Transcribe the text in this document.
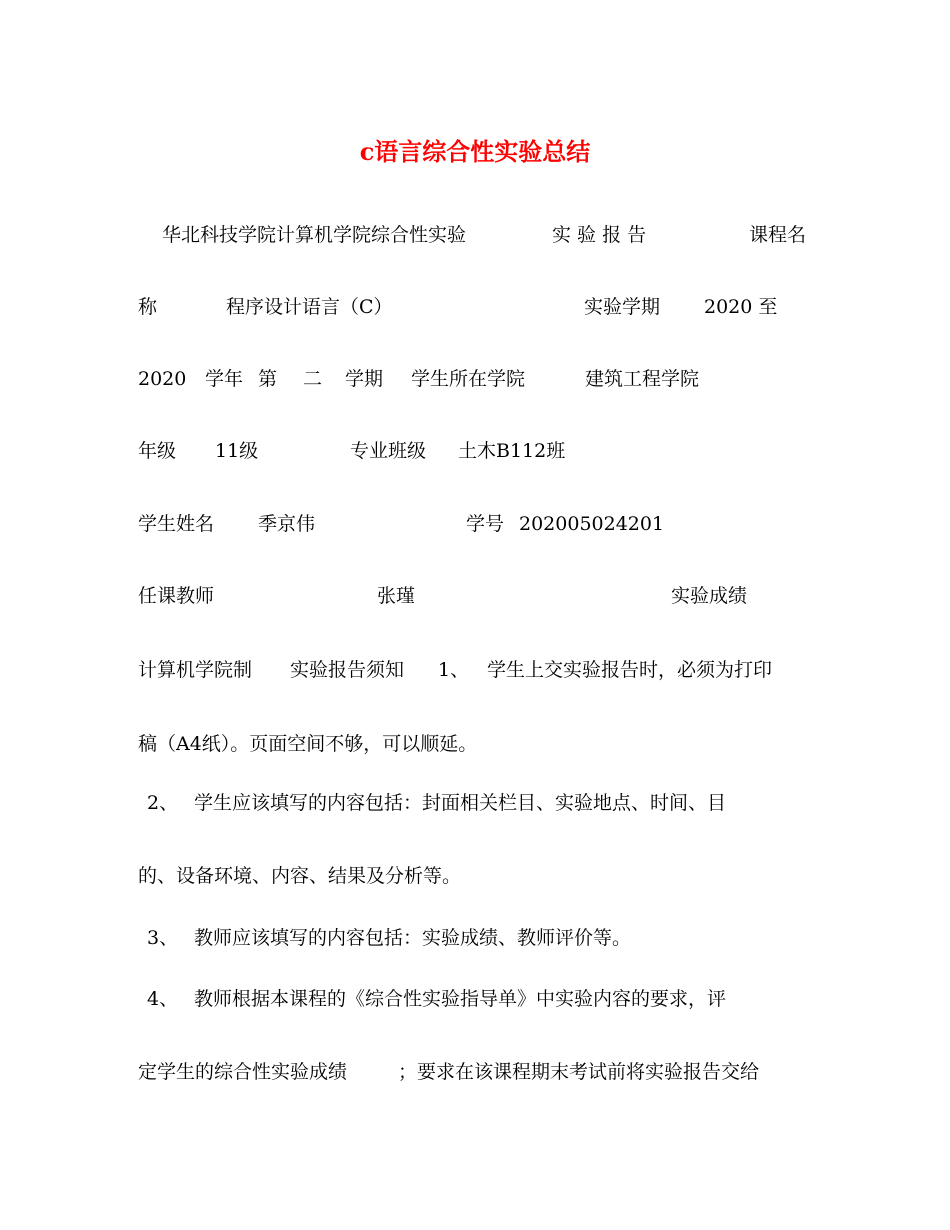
c语言综合性实验总结
华北科技学院计算机学院综合性实验	实 验 报 告	课程名
称	程序设计语言（C）	实验学期 2020 至
2020 学年 第 二 学期 学生所在学院	建筑工程学院
年级 11级	专业班级 土木B112班
学生姓名 季京伟	学号 202005024201
任课教师	张瑾	实验成绩
计算机学院制 实验报告须知 1、 学生上交实验报告时，必须为打印
稿（A4纸）。页面空间不够，可以顺延。
2、 学生应该填写的内容包括：封面相关栏目、实验地点、时间、目
的、设备环境、内容、结果及分析等。
3、 教师应该填写的内容包括：实验成绩、教师评价等。
4、 教师根据本课程的《综合性实验指导单》中实验内容的要求，评
定学生的综合性实验成绩	；要求在该课程期末考试前将实验报告交给
